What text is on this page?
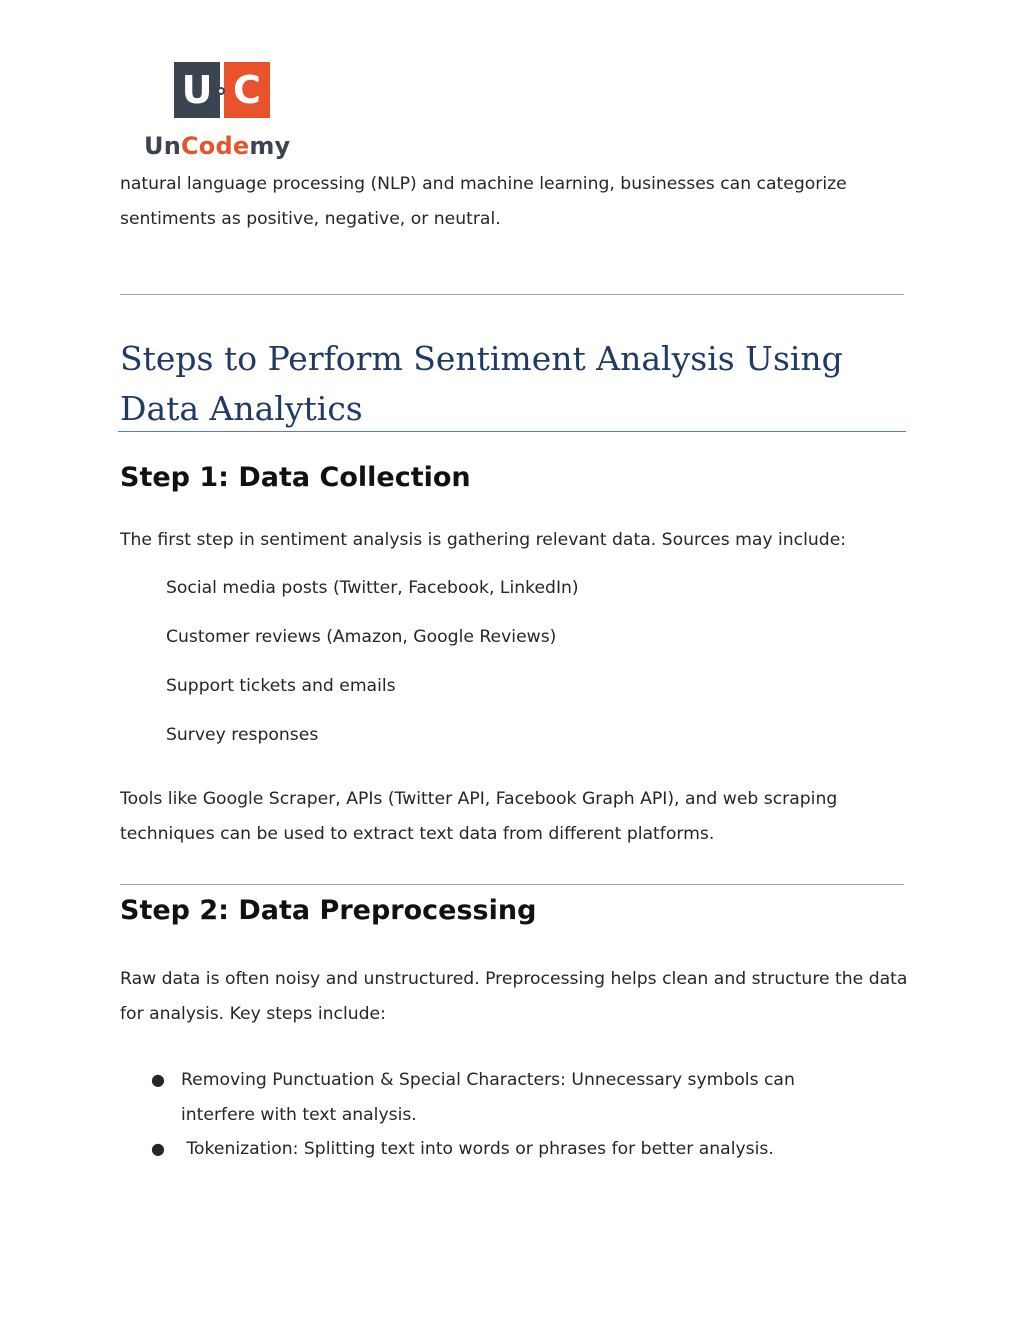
U C
UnCodemy

natural language processing (NLP) and machine learning, businesses can categorize sentiments as positive, negative, or neutral.

Steps to Perform Sentiment Analysis Using Data Analytics
Step 1: Data Collection

The first step in sentiment analysis is gathering relevant data. Sources may include:

Social media posts (Twitter, Facebook, LinkedIn)
Customer reviews (Amazon, Google Reviews)
Support tickets and emails
Survey responses

Tools like Google Scraper, APIs (Twitter API, Facebook Graph API), and web scraping techniques can be used to extract text data from different platforms.

Step 2: Data Preprocessing

Raw data is often noisy and unstructured. Preprocessing helps clean and structure the data for analysis. Key steps include:

● Removing Punctuation & Special Characters: Unnecessary symbols can interfere with text analysis.
● Tokenization: Splitting text into words or phrases for better analysis.
